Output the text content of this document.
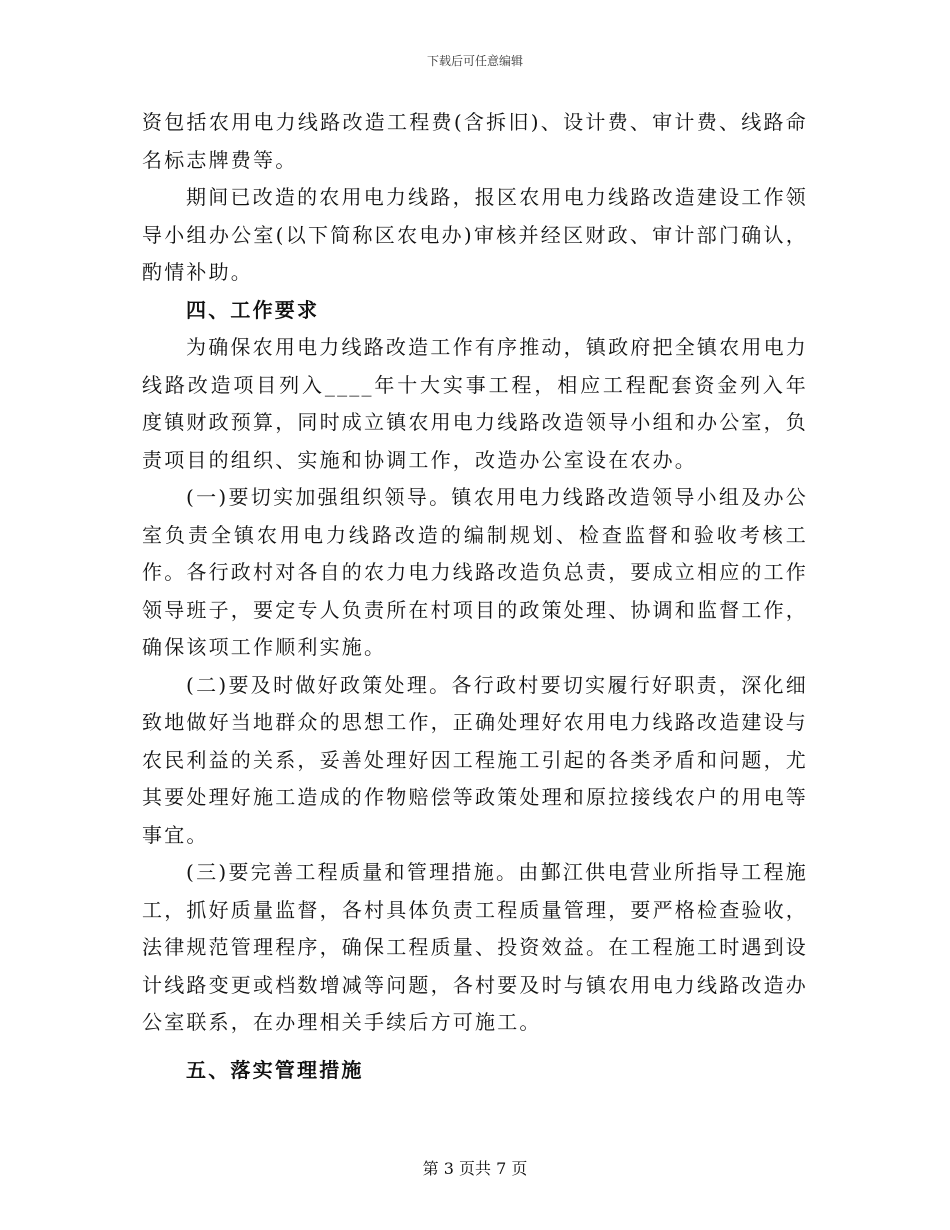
下载后可任意编辑

资包括农用电力线路改造工程费(含拆旧)、设计费、审计费、线路命名标志牌费等。

期间已改造的农用电力线路，报区农用电力线路改造建设工作领导小组办公室(以下简称区农电办)审核并经区财政、审计部门确认，酌情补助。

四、工作要求

为确保农用电力线路改造工作有序推动，镇政府把全镇农用电力线路改造项目列入____年十大实事工程，相应工程配套资金列入年度镇财政预算，同时成立镇农用电力线路改造领导小组和办公室，负责项目的组织、实施和协调工作，改造办公室设在农办。

(一)要切实加强组织领导。镇农用电力线路改造领导小组及办公室负责全镇农用电力线路改造的编制规划、检查监督和验收考核工作。各行政村对各自的农力电力线路改造负总责，要成立相应的工作领导班子，要定专人负责所在村项目的政策处理、协调和监督工作，确保该项工作顺利实施。

(二)要及时做好政策处理。各行政村要切实履行好职责，深化细致地做好当地群众的思想工作，正确处理好农用电力线路改造建设与农民利益的关系，妥善处理好因工程施工引起的各类矛盾和问题，尤其要处理好施工造成的作物赔偿等政策处理和原拉接线农户的用电等事宜。

(三)要完善工程质量和管理措施。由鄞江供电营业所指导工程施工，抓好质量监督，各村具体负责工程质量管理，要严格检查验收，法律规范管理程序，确保工程质量、投资效益。在工程施工时遇到设计线路变更或档数增减等问题，各村要及时与镇农用电力线路改造办公室联系，在办理相关手续后方可施工。

五、落实管理措施

第 3 页共 7 页
